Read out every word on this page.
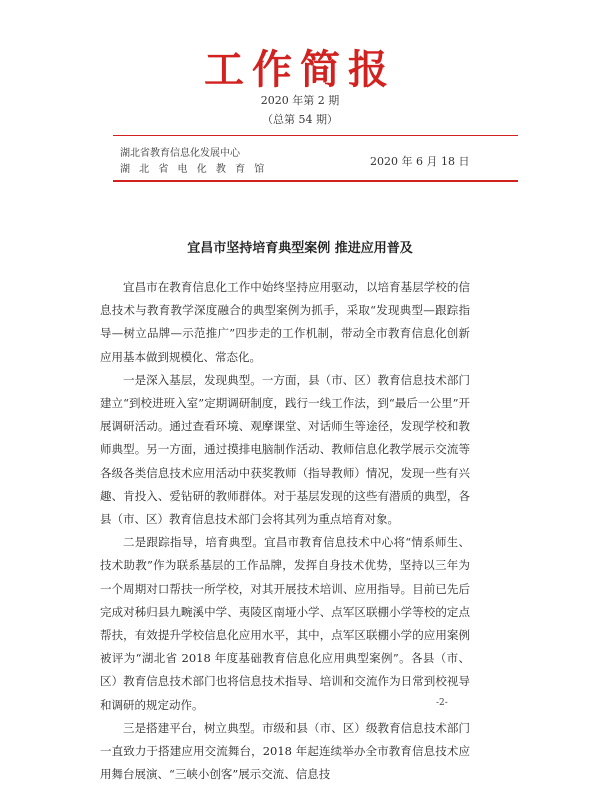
工作简报
2020 年第 2 期
（总第 54 期）
湖北省教育信息化发展中心
湖 北 省 电 化 教 育 馆
2020 年 6 月 18 日
宜昌市坚持培育典型案例 推进应用普及

宜昌市在教育信息化工作中始终坚持应用驱动，以培育基层学校的信息技术与教育教学深度融合的典型案例为抓手，采取“发现典型—跟踪指导—树立品牌—示范推广”四步走的工作机制，带动全市教育信息化创新应用基本做到规模化、常态化。

一是深入基层，发现典型。一方面，县（市、区）教育信息技术部门建立“到校进班入室”定期调研制度，践行一线工作法，到“最后一公里”开展调研活动。通过查看环境、观摩课堂、对话师生等途径，发现学校和教师典型。另一方面，通过摸排电脑制作活动、教师信息化教学展示交流等各级各类信息技术应用活动中获奖教师（指导教师）情况，发现一些有兴趣、肯投入、爱钻研的教师群体。对于基层发现的这些有潜质的典型，各县（市、区）教育信息技术部门会将其列为重点培育对象。

二是跟踪指导，培育典型。宜昌市教育信息技术中心将“情系师生、技术助教”作为联系基层的工作品牌，发挥自身技术优势，坚持以三年为一个周期对口帮扶一所学校，对其开展技术培训、应用指导。目前已先后完成对秭归县九畹溪中学、夷陵区南垭小学、点军区联棚小学等校的定点帮扶，有效提升学校信息化应用水平，其中，点军区联棚小学的应用案例被评为“湖北省 2018 年度基础教育信息化应用典型案例”。各县（市、区）教育信息技术部门也将信息技术指导、培训和交流作为日常到校视导和调研的规定动作。

三是搭建平台，树立典型。市级和县（市、区）级教育信息技术部门一直致力于搭建应用交流舞台，2018 年起连续举办全市教育信息技术应用舞台展演、“三峡小创客”展示交流、信息技

-2-
